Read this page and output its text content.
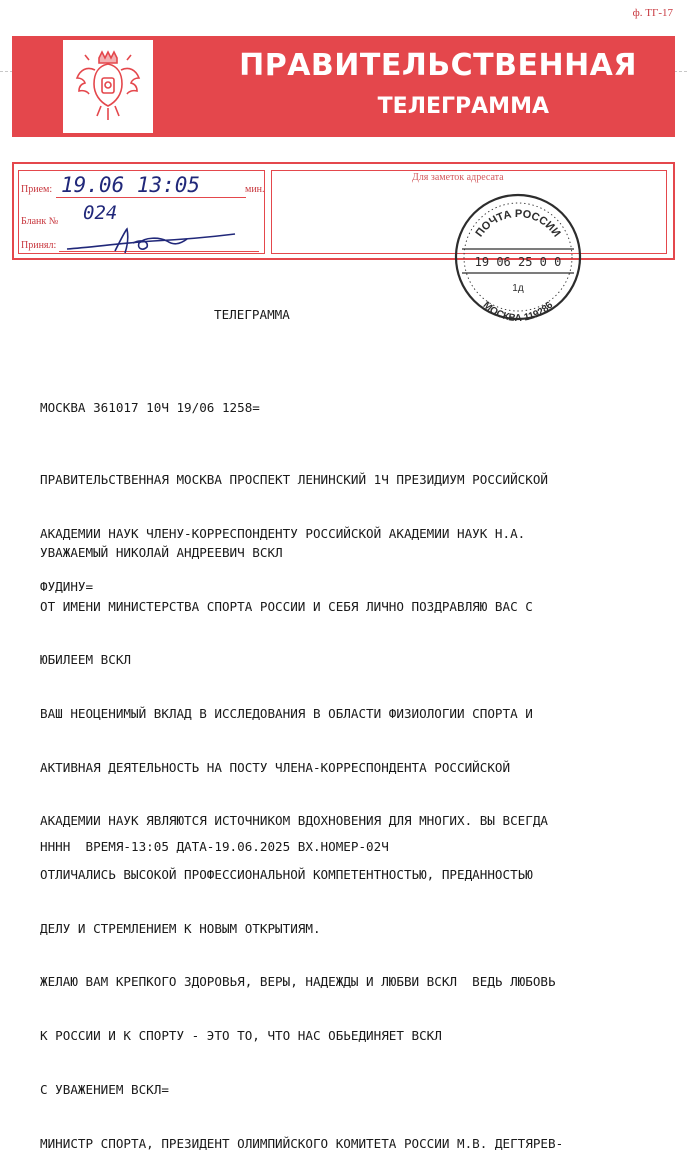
ф. ТГ-17
ПРАВИТЕЛЬСТВЕННАЯ
ТЕЛЕГРАММА
Прием:	мин.
19.06 13:05
Бланк № 024
Принял:
Для заметок адресата
ПОЧТА РОССИИ
19 06 25 0 0
1д
МОСКВА 119286
ТЕЛЕГРАММА
МОСКВА 361017 10Ч 19/06 1258=

ПРАВИТЕЛЬСТВЕННАЯ МОСКВА ПРОСПЕКТ ЛЕНИНСКИЙ 1Ч ПРЕЗИДИУМ РОССИЙСКОЙ

АКАДЕМИИ НАУК ЧЛЕНУ-КОРРЕСПОНДЕНТУ РОССИЙСКОЙ АКАДЕМИИ НАУК Н.А.

ФУДИНУ=

УВАЖАЕМЫЙ НИКОЛАЙ АНДРЕЕВИЧ ВСКЛ

ОТ ИМЕНИ МИНИСТЕРСТВА СПОРТА РОССИИ И СЕБЯ ЛИЧНО ПОЗДРАВЛЯЮ ВАС С

ЮБИЛЕЕМ ВСКЛ

ВАШ НЕОЦЕНИМЫЙ ВКЛАД В ИССЛЕДОВАНИЯ В ОБЛАСТИ ФИЗИОЛОГИИ СПОРТА И

АКТИВНАЯ ДЕЯТЕЛЬНОСТЬ НА ПОСТУ ЧЛЕНА-КОРРЕСПОНДЕНТА РОССИЙСКОЙ

АКАДЕМИИ НАУК ЯВЛЯЮТСЯ ИСТОЧНИКОМ ВДОХНОВЕНИЯ ДЛЯ МНОГИХ. ВЫ ВСЕГДА

ОТЛИЧАЛИСЬ ВЫСОКОЙ ПРОФЕССИОНАЛЬНОЙ КОМПЕТЕНТНОСТЬЮ, ПРЕДАННОСТЬЮ

ДЕЛУ И СТРЕМЛЕНИЕМ К НОВЫМ ОТКРЫТИЯМ.

ЖЕЛАЮ ВАМ КРЕПКОГО ЗДОРОВЬЯ, ВЕРЫ, НАДЕЖДЫ И ЛЮБВИ ВСКЛ  ВЕДЬ ЛЮБОВЬ

К РОССИИ И К СПОРТУ - ЭТО ТО, ЧТО НАС ОБЬЕДИНЯЕТ ВСКЛ

С УВАЖЕНИЕМ ВСКЛ=

МИНИСТР СПОРТА, ПРЕЗИДЕНТ ОЛИМПИЙСКОГО КОМИТЕТА РОССИИ М.В. ДЕГТЯРЕВ-

НННН  ВРЕМЯ-13:05 ДАТА-19.06.2025 ВХ.НОМЕР-02Ч
